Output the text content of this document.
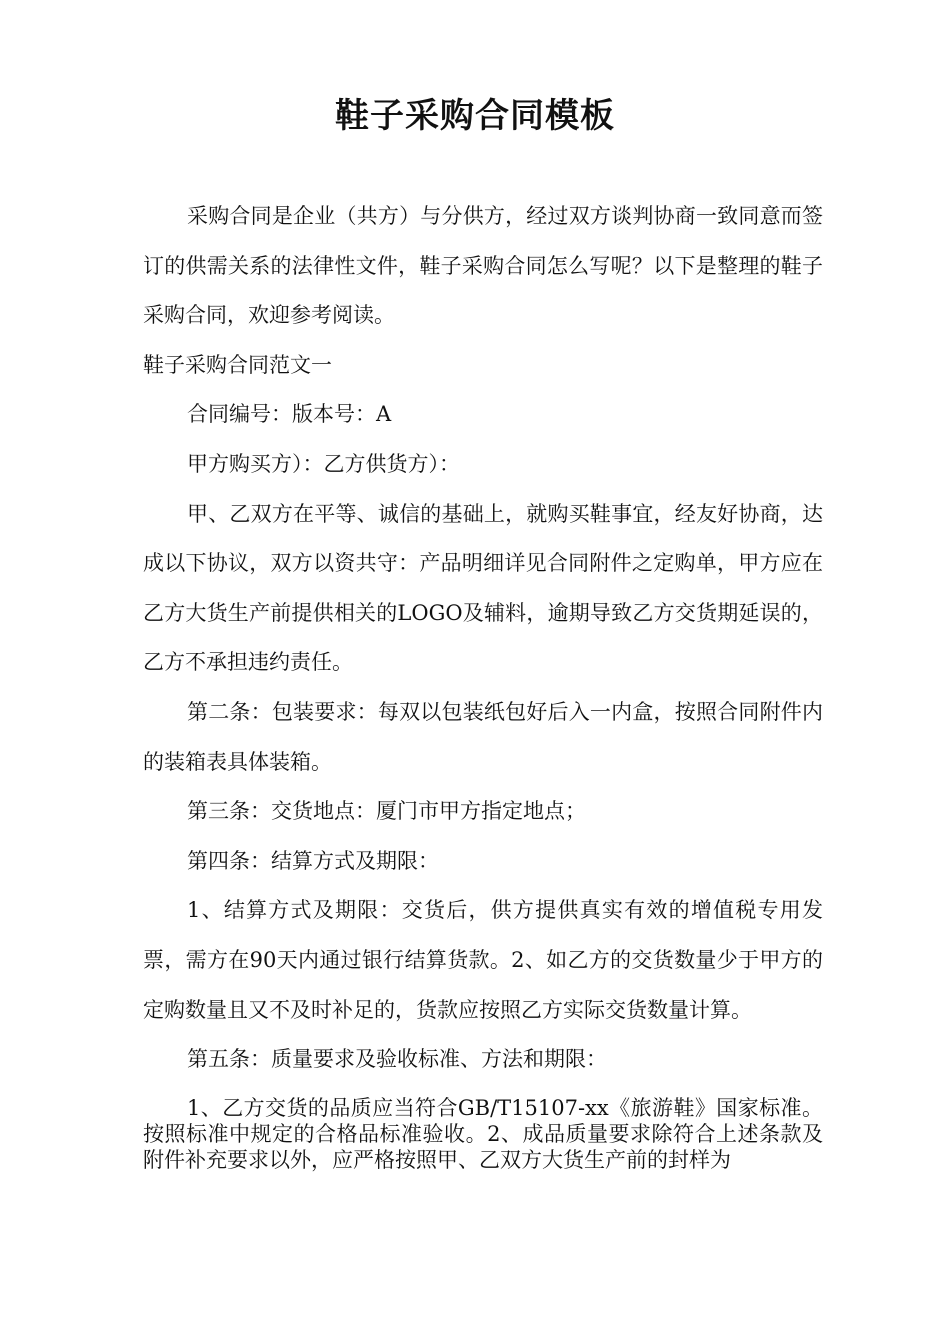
鞋子采购合同模板

采购合同是企业（共方）与分供方，经过双方谈判协商一致同意而签订的供需关系的法律性文件，鞋子采购合同怎么写呢？以下是整理的鞋子采购合同，欢迎参考阅读。

鞋子采购合同范文一

合同编号：版本号：A

甲方购买方）：乙方供货方）：

甲、乙双方在平等、诚信的基础上，就购买鞋事宜，经友好协商，达成以下协议，双方以资共守：产品明细详见合同附件之定购单，甲方应在乙方大货生产前提供相关的LOGO及辅料，逾期导致乙方交货期延误的，乙方不承担违约责任。

第二条：包装要求：每双以包装纸包好后入一内盒，按照合同附件内的装箱表具体装箱。

第三条：交货地点：厦门市甲方指定地点；

第四条：结算方式及期限：

1、结算方式及期限：交货后，供方提供真实有效的增值税专用发票，需方在90天内通过银行结算货款。2、如乙方的交货数量少于甲方的定购数量且又不及时补足的，货款应按照乙方实际交货数量计算。

第五条：质量要求及验收标准、方法和期限：

1、乙方交货的品质应当符合GB/T15107-xx《旅游鞋》国家标准。按照标准中规定的合格品标准验收。2、成品质量要求除符合上述条款及附件补充要求以外，应严格按照甲、乙双方大货生产前的封样为
